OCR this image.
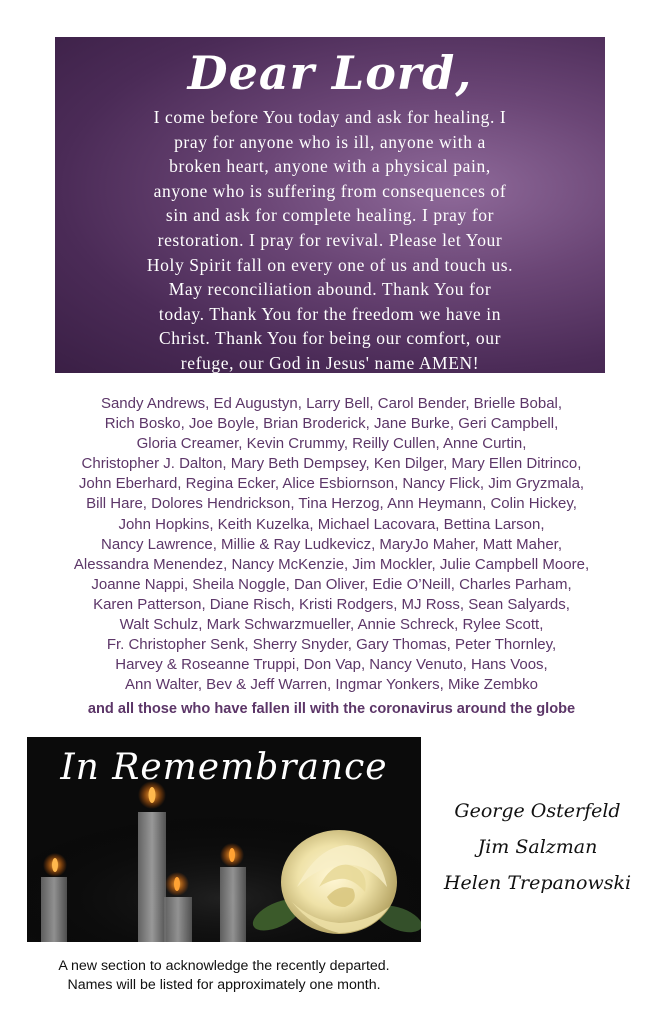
Dear Lord,
I come before You today and ask for healing. I
pray for anyone who is ill, anyone with a
broken heart, anyone with a physical pain,
anyone who is suffering from consequences of
sin and ask for complete healing. I pray for
restoration. I pray for revival. Please let Your
Holy Spirit fall on every one of us and touch us.
May reconciliation abound. Thank You for
today. Thank You for the freedom we have in
Christ. Thank You for being our comfort, our
refuge, our God in Jesus' name AMEN!
Sandy Andrews, Ed Augustyn, Larry Bell, Carol Bender, Brielle Bobal,
Rich Bosko, Joe Boyle, Brian Broderick, Jane Burke, Geri Campbell,
Gloria Creamer, Kevin Crummy, Reilly Cullen, Anne Curtin,
Christopher J. Dalton, Mary Beth Dempsey, Ken Dilger, Mary Ellen Ditrinco,
John Eberhard, Regina Ecker, Alice Esbiornson, Nancy Flick, Jim Gryzmala,
Bill Hare, Dolores Hendrickson, Tina Herzog, Ann Heymann, Colin Hickey,
John Hopkins, Keith Kuzelka, Michael Lacovara, Bettina Larson,
Nancy Lawrence, Millie & Ray Ludkevicz, MaryJo Maher, Matt Maher,
Alessandra Menendez, Nancy McKenzie, Jim Mockler, Julie Campbell Moore,
Joanne Nappi, Sheila Noggle, Dan Oliver, Edie O’Neill, Charles Parham,
Karen Patterson, Diane Risch, Kristi Rodgers, MJ Ross, Sean Salyards,
Walt Schulz, Mark Schwarzmueller, Annie Schreck, Rylee Scott,
Fr. Christopher Senk, Sherry Snyder, Gary Thomas, Peter Thornley,
Harvey & Roseanne Truppi, Don Vap, Nancy Venuto, Hans Voos,
Ann Walter, Bev & Jeff Warren, Ingmar Yonkers, Mike Zembko
and all those who have fallen ill with the coronavirus around the globe
In Remembrance
A new section to acknowledge the recently departed.
Names will be listed for approximately one month.
George Osterfeld
Jim Salzman
Helen Trepanowski
